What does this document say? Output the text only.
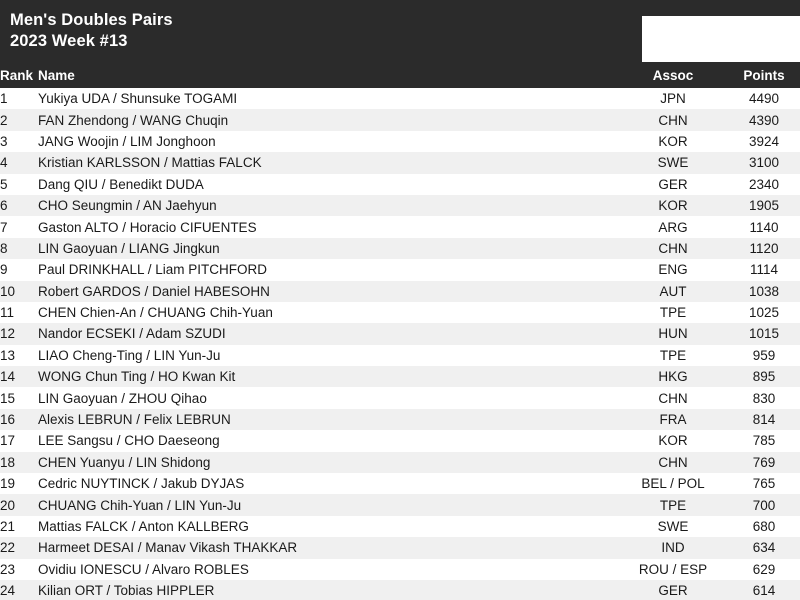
Men's Doubles Pairs
2023 Week #13
Rank	Name	Assoc	Points
1	Yukiya UDA / Shunsuke TOGAMI	JPN	4490
2	FAN Zhendong / WANG Chuqin	CHN	4390
3	JANG Woojin / LIM Jonghoon	KOR	3924
4	Kristian KARLSSON / Mattias FALCK	SWE	3100
5	Dang QIU / Benedikt DUDA	GER	2340
6	CHO Seungmin / AN Jaehyun	KOR	1905
7	Gaston ALTO / Horacio CIFUENTES	ARG	1140
8	LIN Gaoyuan / LIANG Jingkun	CHN	1120
9	Paul DRINKHALL / Liam PITCHFORD	ENG	1114
10	Robert GARDOS / Daniel HABESOHN	AUT	1038
11	CHEN Chien-An / CHUANG Chih-Yuan	TPE	1025
12	Nandor ECSEKI / Adam SZUDI	HUN	1015
13	LIAO Cheng-Ting / LIN Yun-Ju	TPE	959
14	WONG Chun Ting / HO Kwan Kit	HKG	895
15	LIN Gaoyuan / ZHOU Qihao	CHN	830
16	Alexis LEBRUN / Felix LEBRUN	FRA	814
17	LEE Sangsu / CHO Daeseong	KOR	785
18	CHEN Yuanyu / LIN Shidong	CHN	769
19	Cedric NUYTINCK / Jakub DYJAS	BEL / POL	765
20	CHUANG Chih-Yuan / LIN Yun-Ju	TPE	700
21	Mattias FALCK / Anton KALLBERG	SWE	680
22	Harmeet DESAI / Manav Vikash THAKKAR	IND	634
23	Ovidiu IONESCU / Alvaro ROBLES	ROU / ESP	629
24	Kilian ORT / Tobias HIPPLER	GER	614
